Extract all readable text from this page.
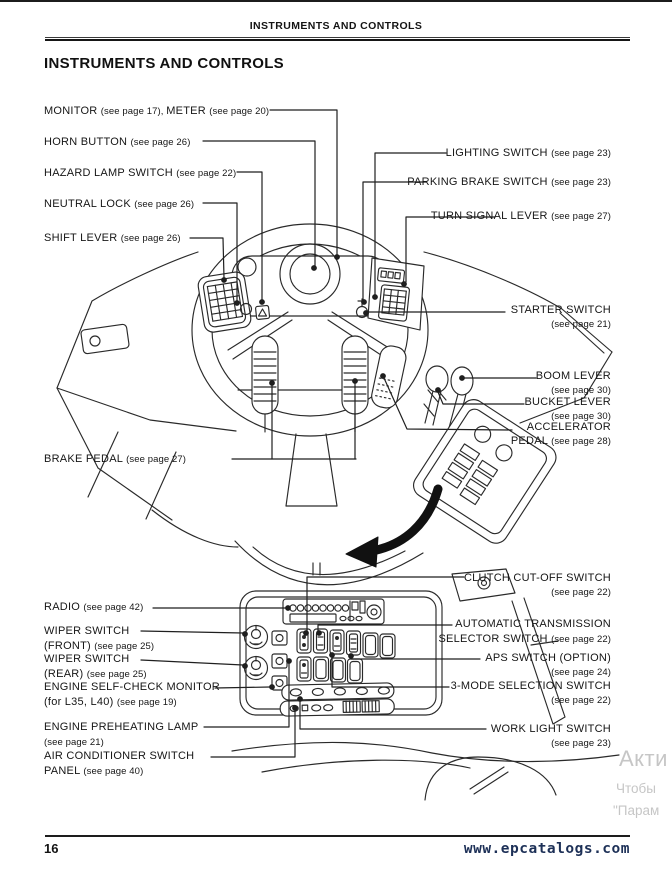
INSTRUMENTS AND CONTROLS
INSTRUMENTS AND CONTROLS
MONITOR (see page 17), METER (see page 20)
HORN BUTTON (see page 26)
HAZARD LAMP SWITCH (see page 22)
NEUTRAL LOCK (see page 26)
SHIFT LEVER (see page 26)
BRAKE PEDAL (see page 27)
LIGHTING SWITCH (see page 23)
PARKING BRAKE SWITCH (see page 23)
TURN SIGNAL LEVER (see page 27)
STARTER SWITCH
(see page 21)
BOOM LEVER
(see page 30)
BUCKET LEVER
(see page 30)
ACCELERATOR
PEDAL (see page 28)
RADIO (see page 42)
WIPER SWITCH
(FRONT) (see page 25)
WIPER SWITCH
(REAR) (see page 25)
ENGINE SELF-CHECK MONITOR
(for L35, L40) (see page 19)
ENGINE PREHEATING LAMP
(see page 21)
AIR CONDITIONER SWITCH
PANEL (see page 40)
CLUTCH CUT-OFF SWITCH
(see page 22)
AUTOMATIC TRANSMISSION
SELECTOR SWITCH (see page 22)
APS SWITCH (OPTION)
(see page 24)
3-MODE SELECTION SWITCH
(see page 22)
WORK LIGHT SWITCH
(see page 23)
Акти
Чтобы
"Парам
16	www.epcatalogs.com
